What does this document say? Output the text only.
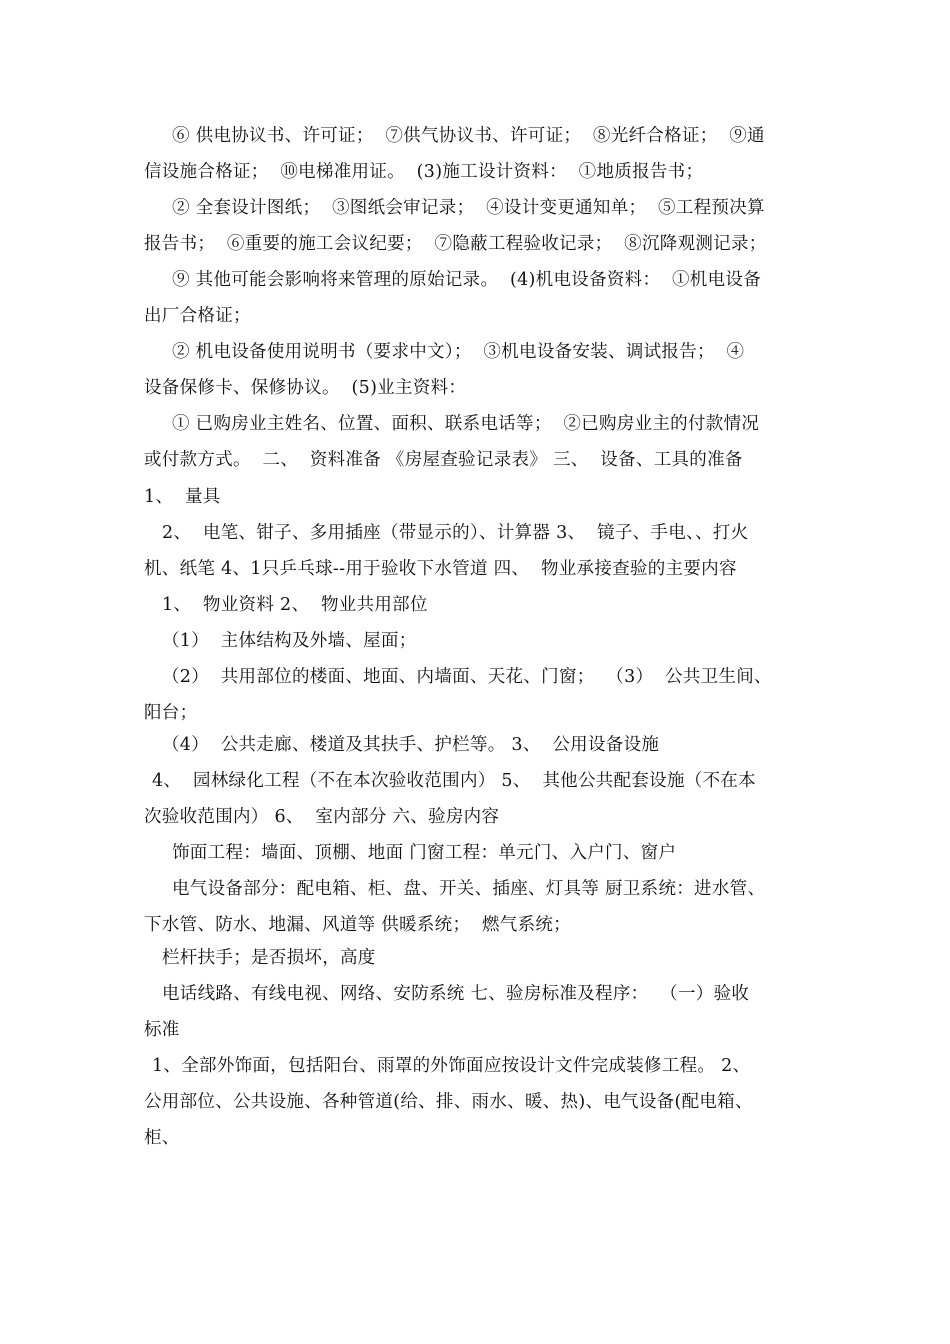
⑥ 供电协议书、许可证；  ⑦供气协议书、许可证；  ⑧光纤合格证；  ⑨通
信设施合格证；  ⑩电梯准用证。  (3)施工设计资料：  ①地质报告书；
② 全套设计图纸；  ③图纸会审记录；  ④设计变更通知单；  ⑤工程预决算
报告书；  ⑥重要的施工会议纪要；  ⑦隐蔽工程验收记录；  ⑧沉降观测记录；
⑨ 其他可能会影响将来管理的原始记录。  (4)机电设备资料：  ①机电设备
出厂合格证；
② 机电设备使用说明书（要求中文）；  ③机电设备安装、调试报告；  ④
设备保修卡、保修协议。  (5)业主资料：
① 已购房业主姓名、位置、面积、联系电话等；  ②已购房业主的付款情况
或付款方式。  二、  资料准备 《房屋查验记录表》 三、  设备、工具的准备
1、  量具
2、  电笔、钳子、多用插座（带显示的）、计算器 3、  镜子、手电、、打火
机、纸笔 4、1只乒乓球--用于验收下水管道 四、  物业承接查验的主要内容
1、  物业资料 2、  物业共用部位
（1）  主体结构及外墙、屋面；
（2）  共用部位的楼面、地面、内墙面、天花、门窗；  （3）  公共卫生间、
阳台；
（4）  公共走廊、楼道及其扶手、护栏等。 3、  公用设备设施
4、  园林绿化工程（不在本次验收范围内） 5、  其他公共配套设施（不在本
次验收范围内） 6、  室内部分 六、验房内容
饰面工程：墙面、顶棚、地面 门窗工程：单元门、入户门、窗户
电气设备部分：配电箱、柜、盘、开关、插座、灯具等 厨卫系统：进水管、
下水管、防水、地漏、风道等 供暖系统；  燃气系统；
栏杆扶手；是否损坏，高度
电话线路、有线电视、网络、安防系统 七、验房标准及程序：  （一）验收
标准
1、全部外饰面，包括阳台、雨罩的外饰面应按设计文件完成装修工程。 2、
公用部位、公共设施、各种管道(给、排、雨水、暖、热)、电气设备(配电箱、
柜、
